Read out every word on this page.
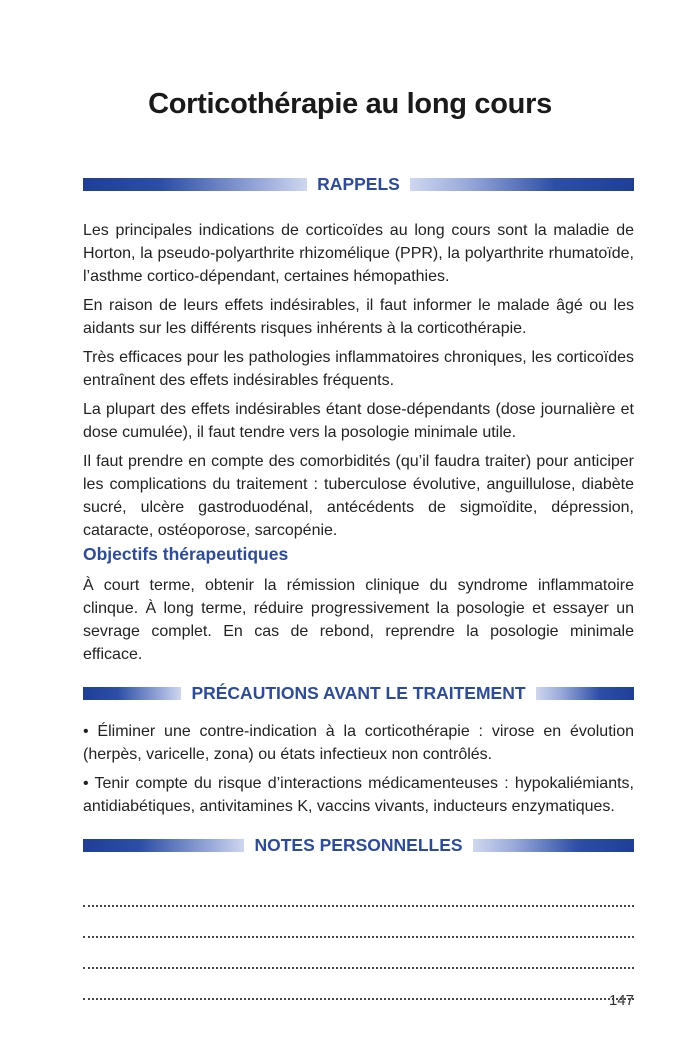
Corticothérapie au long cours
RAPPELS

Les principales indications de corticoïdes au long cours sont la maladie de Horton, la pseudo-polyarthrite rhizomélique (PPR), la polyarthrite rhumatoïde, l’asthme cortico-dépendant, certaines hémopathies.

En raison de leurs effets indésirables, il faut informer le malade âgé ou les aidants sur les différents risques inhérents à la corticothérapie.

Très efficaces pour les pathologies inflammatoires chroniques, les corticoïdes entraînent des effets indésirables fréquents.

La plupart des effets indésirables étant dose-dépendants (dose journalière et dose cumulée), il faut tendre vers la posologie minimale utile.

Il faut prendre en compte des comorbidités (qu’il faudra traiter) pour anticiper les complications du traitement : tuberculose évolutive, anguillulose, diabète sucré, ulcère gastroduodénal, antécédents de sigmoïdite, dépression, cataracte, ostéoporose, sarcopénie.

Objectifs thérapeutiques

À court terme, obtenir la rémission clinique du syndrome inflammatoire clinque. À long terme, réduire progressivement la posologie et essayer un sevrage complet. En cas de rebond, reprendre la posologie minimale efficace.

PRÉCAUTIONS AVANT LE TRAITEMENT

• Éliminer une contre-indication à la corticothérapie : virose en évolution (herpès, varicelle, zona) ou états infectieux non contrôlés.

• Tenir compte du risque d’interactions médicamenteuses : hypokaliémiants, antidiabétiques, antivitamines K, vaccins vivants, inducteurs enzymatiques.

NOTES PERSONNELLES
147
